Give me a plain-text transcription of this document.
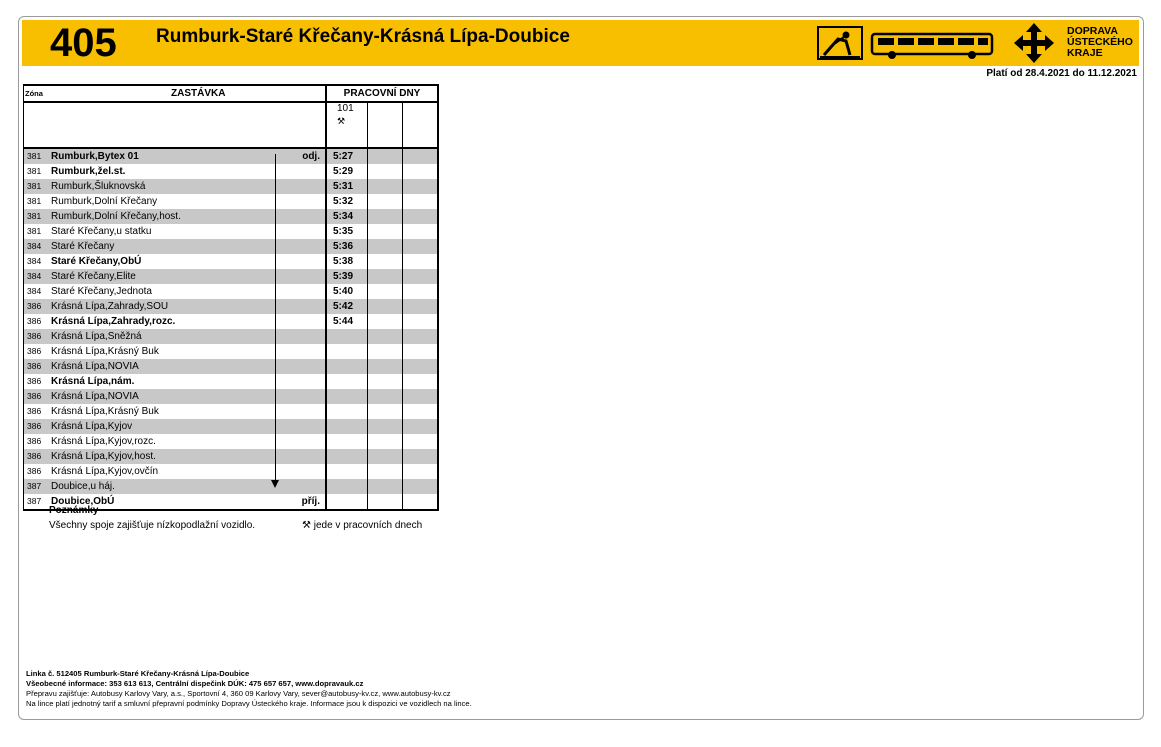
405 Rumburk-Staré Křečany-Krásná Lípa-Doubice	DOPRAVA
ÚSTECKÉHO
KRAJE
Platí od 28.4.2021 do 11.12.2021
Zóna	ZASTÁVKA		PRACOVNÍ DNY		

			101
⚒		

381	Rumburk,Bytex 01	odj.	5:27		
381	Rumburk,žel.st.		5:29		
381	Rumburk,Šluknovská		5:31		
381	Rumburk,Dolní Křečany		5:32		
381	Rumburk,Dolní Křečany,host.		5:34		
381	Staré Křečany,u statku		5:35		
384	Staré Křečany		5:36		
384	Staré Křečany,ObÚ		5:38		
384	Staré Křečany,Elite		5:39		
384	Staré Křečany,Jednota		5:40		
386	Krásná Lípa,Zahrady,SOU		5:42		
386	Krásná Lípa,Zahrady,rozc.		5:44		
386	Krásná Lípa,Sněžná				
386	Krásná Lípa,Krásný Buk				
386	Krásná Lípa,NOVIA				
386	Krásná Lípa,nám.				
386	Krásná Lípa,NOVIA				
386	Krásná Lípa,Krásný Buk				
386	Krásná Lípa,Kyjov				
386	Krásná Lípa,Kyjov,rozc.				
386	Krásná Lípa,Kyjov,host.				
386	Krásná Lípa,Kyjov,ovčín				
387	Doubice,u háj.				
387	Doubice,ObÚ	příj.			
Poznámky
Všechny spoje zajišťuje nízkopodlažní vozidlo.	⚒ jede v pracovních dnech
Linka č. 512405 Rumburk-Staré Křečany-Krásná Lípa-Doubice
Všeobecné informace: 353 613 613, Centrální dispečink DÚK: 475 657 657, www.dopravauk.cz
Přepravu zajišťuje: Autobusy Karlovy Vary, a.s., Sportovní 4, 360 09 Karlovy Vary, sever@autobusy-kv.cz, www.autobusy-kv.cz
Na lince platí jednotný tarif a smluvní přepravní podmínky Dopravy Ústeckého kraje. Informace jsou k dispozici ve vozidlech na lince.
